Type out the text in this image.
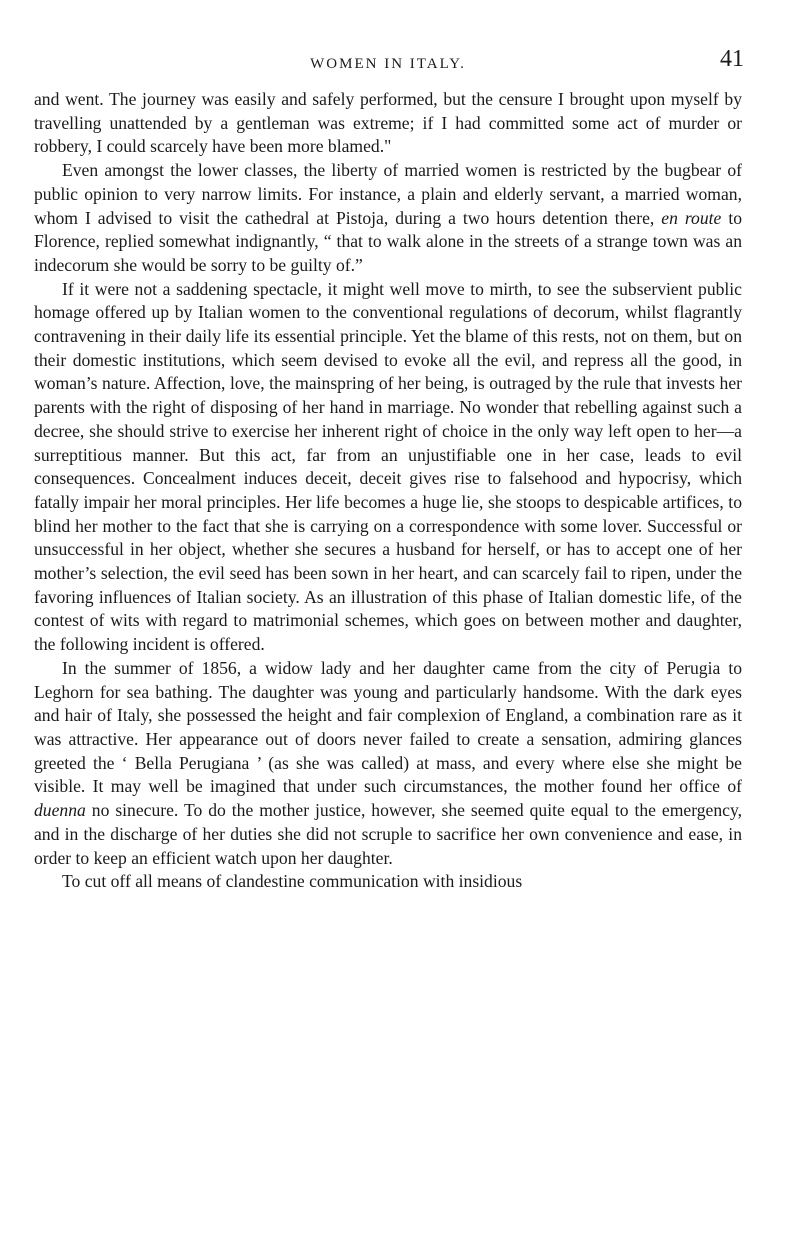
WOMEN IN ITALY.	41

and went. The journey was easily and safely performed, but the censure I brought upon myself by travelling unattended by a gentleman was extreme; if I had committed some act of murder or robbery, I could scarcely have been more blamed."

Even amongst the lower classes, the liberty of married women is restricted by the bugbear of public opinion to very narrow limits. For instance, a plain and elderly servant, a married woman, whom I advised to visit the cathedral at Pistoja, during a two hours detention there, en route to Florence, replied somewhat indignantly, “ that to walk alone in the streets of a strange town was an indecorum she would be sorry to be guilty of.”

If it were not a saddening spectacle, it might well move to mirth, to see the subservient public homage offered up by Italian women to the conventional regulations of decorum, whilst flagrantly contravening in their daily life its essential principle. Yet the blame of this rests, not on them, but on their domestic institutions, which seem devised to evoke all the evil, and repress all the good, in woman’s nature. Affection, love, the mainspring of her being, is outraged by the rule that invests her parents with the right of disposing of her hand in marriage. No wonder that rebelling against such a decree, she should strive to exercise her inherent right of choice in the only way left open to her—a surreptitious manner. But this act, far from an unjustifiable one in her case, leads to evil consequences. Concealment induces deceit, deceit gives rise to falsehood and hypocrisy, which fatally impair her moral principles. Her life becomes a huge lie, she stoops to despicable artifices, to blind her mother to the fact that she is carrying on a correspondence with some lover. Successful or unsuccessful in her object, whether she secures a husband for herself, or has to accept one of her mother’s selection, the evil seed has been sown in her heart, and can scarcely fail to ripen, under the favoring influences of Italian society. As an illustration of this phase of Italian domestic life, of the contest of wits with regard to matrimonial schemes, which goes on between mother and daughter, the following incident is offered.

In the summer of 1856, a widow lady and her daughter came from the city of Perugia to Leghorn for sea bathing. The daughter was young and particularly handsome. With the dark eyes and hair of Italy, she possessed the height and fair complexion of England, a combination rare as it was attractive. Her appearance out of doors never failed to create a sensation, admiring glances greeted the ‘ Bella Perugiana ’ (as she was called) at mass, and every where else she might be visible. It may well be imagined that under such circumstances, the mother found her office of duenna no sinecure. To do the mother justice, however, she seemed quite equal to the emergency, and in the discharge of her duties she did not scruple to sacrifice her own convenience and ease, in order to keep an efficient watch upon her daughter.

To cut off all means of clandestine communication with insidious
